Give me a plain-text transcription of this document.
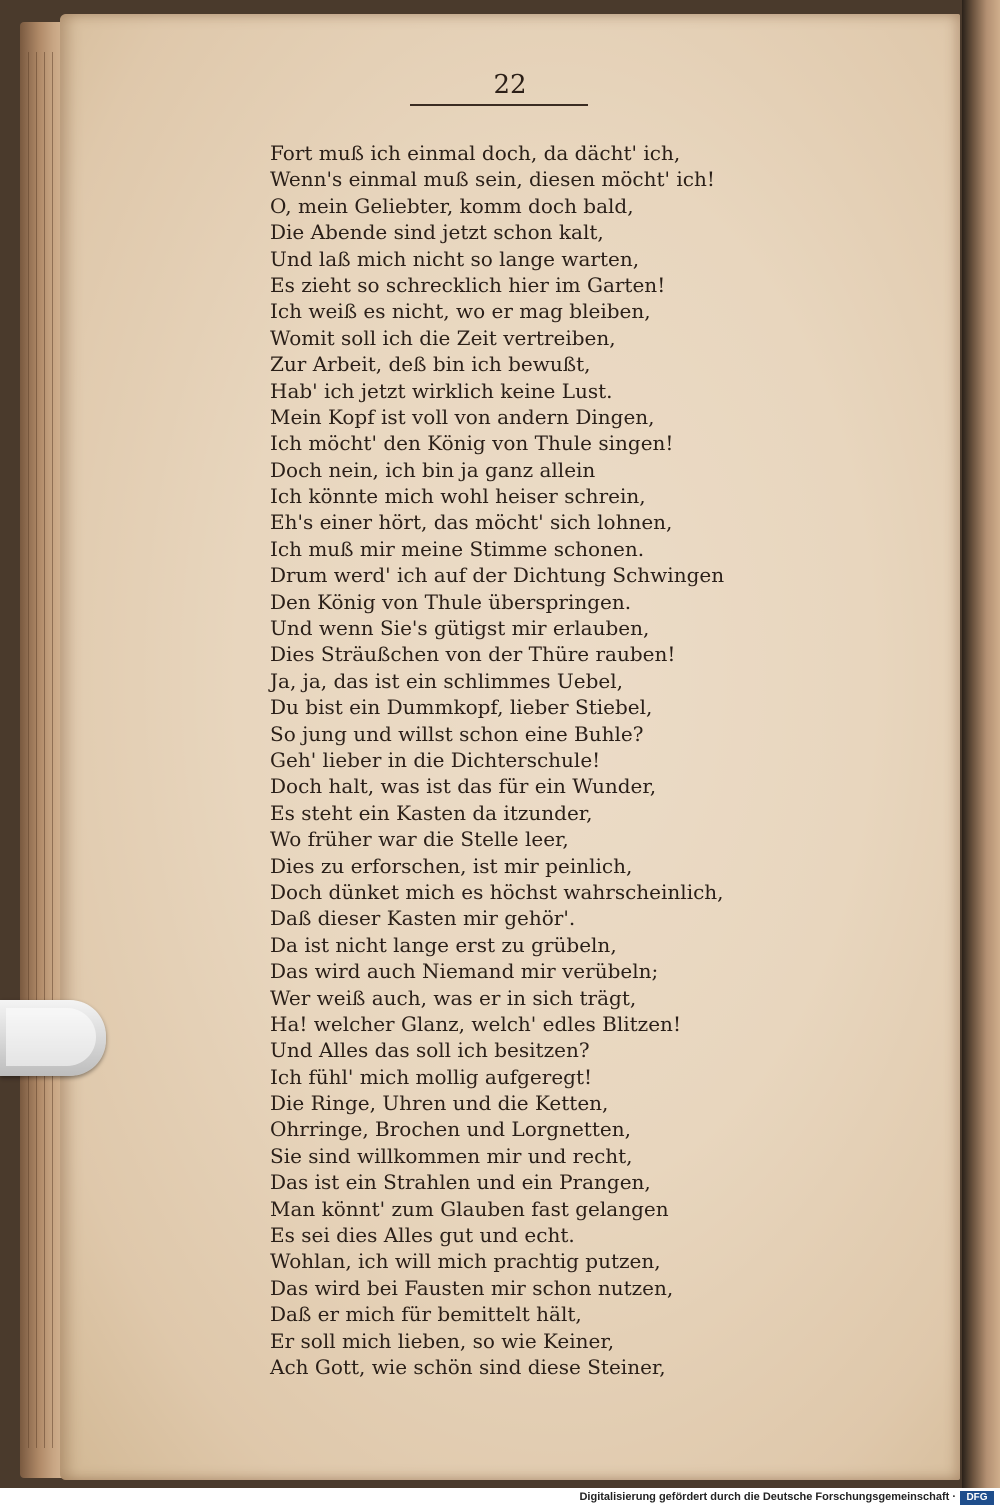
22
Fort muß ich einmal doch, da dächt' ich,
Wenn's einmal muß sein, diesen möcht' ich!
O, mein Geliebter, komm doch bald,
Die Abende sind jetzt schon kalt,
Und laß mich nicht so lange warten,
Es zieht so schrecklich hier im Garten!
Ich weiß es nicht, wo er mag bleiben,
Womit soll ich die Zeit vertreiben,
Zur Arbeit, deß bin ich bewußt,
Hab' ich jetzt wirklich keine Lust.
Mein Kopf ist voll von andern Dingen,
Ich möcht' den König von Thule singen!
Doch nein, ich bin ja ganz allein
Ich könnte mich wohl heiser schrein,
Eh's einer hört, das möcht' sich lohnen,
Ich muß mir meine Stimme schonen.
Drum werd' ich auf der Dichtung Schwingen
Den König von Thule überspringen.
Und wenn Sie's gütigst mir erlauben,
Dies Sträußchen von der Thüre rauben!
Ja, ja, das ist ein schlimmes Uebel,
Du bist ein Dummkopf, lieber Stiebel,
So jung und willst schon eine Buhle?
Geh' lieber in die Dichterschule!
Doch halt, was ist das für ein Wunder,
Es steht ein Kasten da itzunder,
Wo früher war die Stelle leer,
Dies zu erforschen, ist mir peinlich,
Doch dünket mich es höchst wahrscheinlich,
Daß dieser Kasten mir gehör'.
Da ist nicht lange erst zu grübeln,
Das wird auch Niemand mir verübeln;
Wer weiß auch, was er in sich trägt,
Ha! welcher Glanz, welch' edles Blitzen!
Und Alles das soll ich besitzen?
Ich fühl' mich mollig aufgeregt!
Die Ringe, Uhren und die Ketten,
Ohrringe, Brochen und Lorgnetten,
Sie sind willkommen mir und recht,
Das ist ein Strahlen und ein Prangen,
Man könnt' zum Glauben fast gelangen
Es sei dies Alles gut und echt.
Wohlan, ich will mich prachtig putzen,
Das wird bei Fausten mir schon nutzen,
Daß er mich für bemittelt hält,
Er soll mich lieben, so wie Keiner,
Ach Gott, wie schön sind diese Steiner,
Digitalisierung gefördert durch die Deutsche Forschungsgemeinschaft ·	DFG
